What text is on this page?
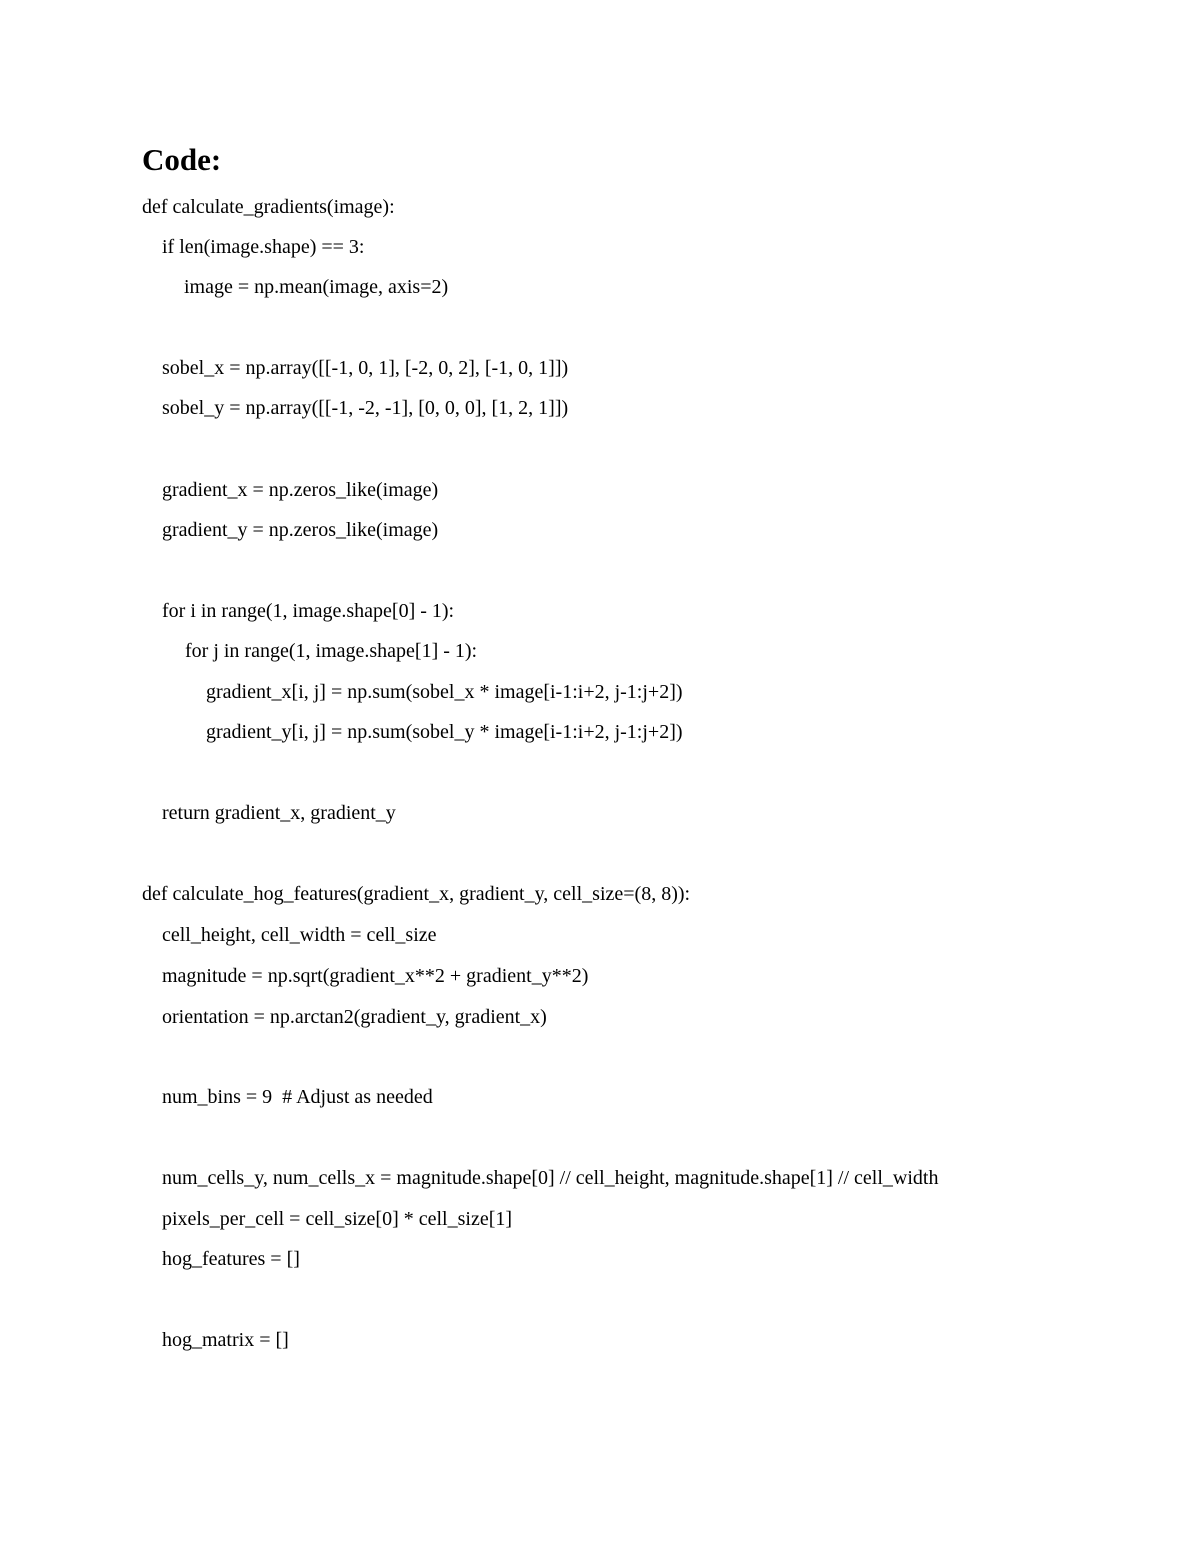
Code:
def calculate_gradients(image):
if len(image.shape) == 3:
image = np.mean(image, axis=2)
sobel_x = np.array([[-1, 0, 1], [-2, 0, 2], [-1, 0, 1]])
sobel_y = np.array([[-1, -2, -1], [0, 0, 0], [1, 2, 1]])
gradient_x = np.zeros_like(image)
gradient_y = np.zeros_like(image)
for i in range(1, image.shape[0] - 1):
for j in range(1, image.shape[1] - 1):
gradient_x[i, j] = np.sum(sobel_x * image[i-1:i+2, j-1:j+2])
gradient_y[i, j] = np.sum(sobel_y * image[i-1:i+2, j-1:j+2])
return gradient_x, gradient_y
def calculate_hog_features(gradient_x, gradient_y, cell_size=(8, 8)):
cell_height, cell_width = cell_size
magnitude = np.sqrt(gradient_x**2 + gradient_y**2)
orientation = np.arctan2(gradient_y, gradient_x)
num_bins = 9  # Adjust as needed
num_cells_y, num_cells_x = magnitude.shape[0] // cell_height, magnitude.shape[1] // cell_width
pixels_per_cell = cell_size[0] * cell_size[1]
hog_features = []
hog_matrix = []
